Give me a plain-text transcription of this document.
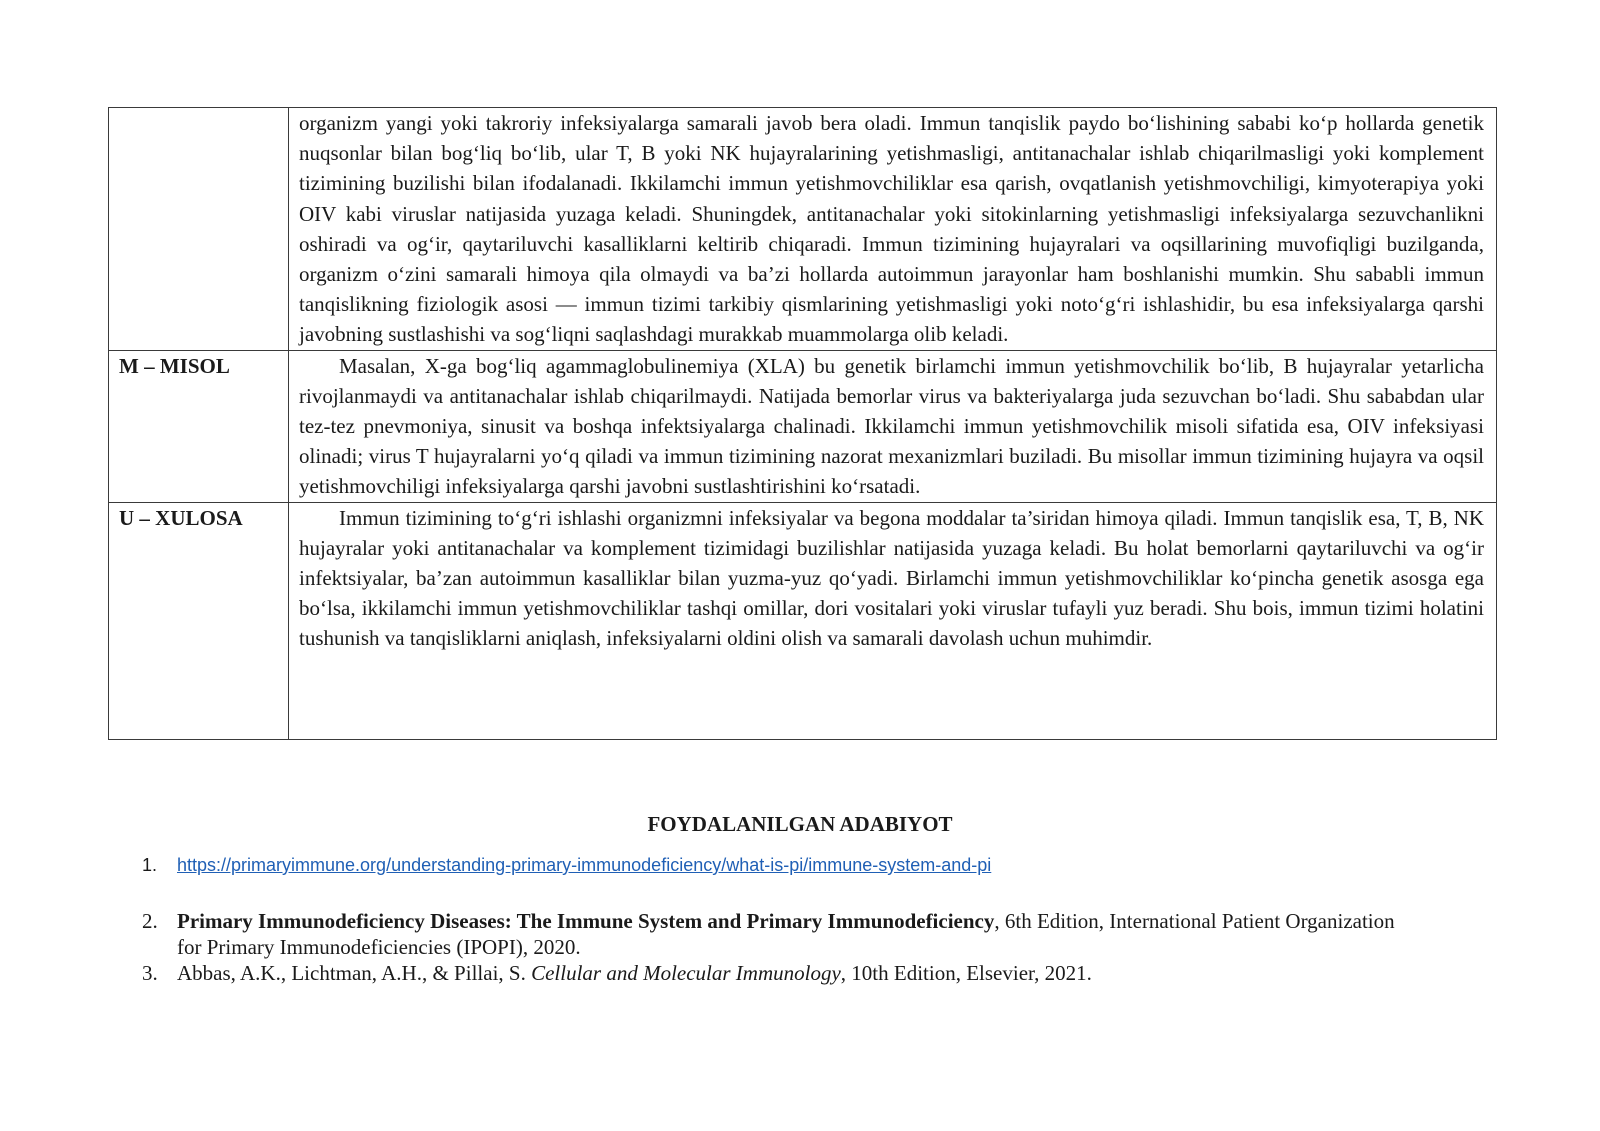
	organizm yangi yoki takroriy infeksiyalarga samarali javob bera oladi. Immun tanqislik paydo bo‘lishining sababi ko‘p hollarda genetik nuqsonlar bilan bog‘liq bo‘lib, ular T, B yoki NK hujayralarining yetishmasligi, antitanachalar ishlab chiqarilmasligi yoki komplement tizimining buzilishi bilan ifodalanadi. Ikkilamchi immun yetishmovchiliklar esa qarish, ovqatlanish yetishmovchiligi, kimyoterapiya yoki OIV kabi viruslar natijasida yuzaga keladi. Shuningdek, antitanachalar yoki sitokinlarning yetishmasligi infeksiyalarga sezuvchanlikni oshiradi va og‘ir, qaytariluvchi kasalliklarni keltirib chiqaradi. Immun tizimining hujayralari va oqsillarining muvofiqligi buzilganda, organizm o‘zini samarali himoya qila olmaydi va ba’zi hollarda autoimmun jarayonlar ham boshlanishi mumkin. Shu sababli immun tanqislikning fiziologik asosi — immun tizimi tarkibiy qismlarining yetishmasligi yoki noto‘g‘ri ishlashidir, bu esa infeksiyalarga qarshi javobning sustlashishi va sog‘liqni saqlashdagi murakkab muammolarga olib keladi.

M – MISOL	Masalan, X-ga bog‘liq agammaglobulinemiya (XLA) bu genetik birlamchi immun yetishmovchilik bo‘lib, B hujayralar yetarlicha rivojlanmaydi va antitanachalar ishlab chiqarilmaydi. Natijada bemorlar virus va bakteriyalarga juda sezuvchan bo‘ladi. Shu sababdan ular tez-tez pnevmoniya, sinusit va boshqa infektsiyalarga chalinadi. Ikkilamchi immun yetishmovchilik misoli sifatida esa, OIV infeksiyasi olinadi; virus T hujayralarni yo‘q qiladi va immun tizimining nazorat mexanizmlari buziladi. Bu misollar immun tizimining hujayra va oqsil yetishmovchiligi infeksiyalarga qarshi javobni sustlashtirishini ko‘rsatadi.

U – XULOSA	Immun tizimining to‘g‘ri ishlashi organizmni infeksiyalar va begona moddalar ta’siridan himoya qiladi. Immun tanqislik esa, T, B, NK hujayralar yoki antitanachalar va komplement tizimidagi buzilishlar natijasida yuzaga keladi. Bu holat bemorlarni qaytariluvchi va og‘ir infektsiyalar, ba’zan autoimmun kasalliklar bilan yuzma-yuz qo‘yadi. Birlamchi immun yetishmovchiliklar ko‘pincha genetik asosga ega bo‘lsa, ikkilamchi immun yetishmovchiliklar tashqi omillar, dori vositalari yoki viruslar tufayli yuz beradi. Shu bois, immun tizimi holatini tushunish va tanqisliklarni aniqlash, infeksiyalarni oldini olish va samarali davolash uchun muhimdir.

FOYDALANILGAN ADABIYOT
1. https://primaryimmune.org/understanding-primary-immunodeficiency/what-is-pi/immune-system-and-pi
2. Primary Immunodeficiency Diseases: The Immune System and Primary Immunodeficiency, 6th Edition, International Patient Organization for Primary Immunodeficiencies (IPOPI), 2020.
3. Abbas, A.K., Lichtman, A.H., & Pillai, S. Cellular and Molecular Immunology, 10th Edition, Elsevier, 2021.
